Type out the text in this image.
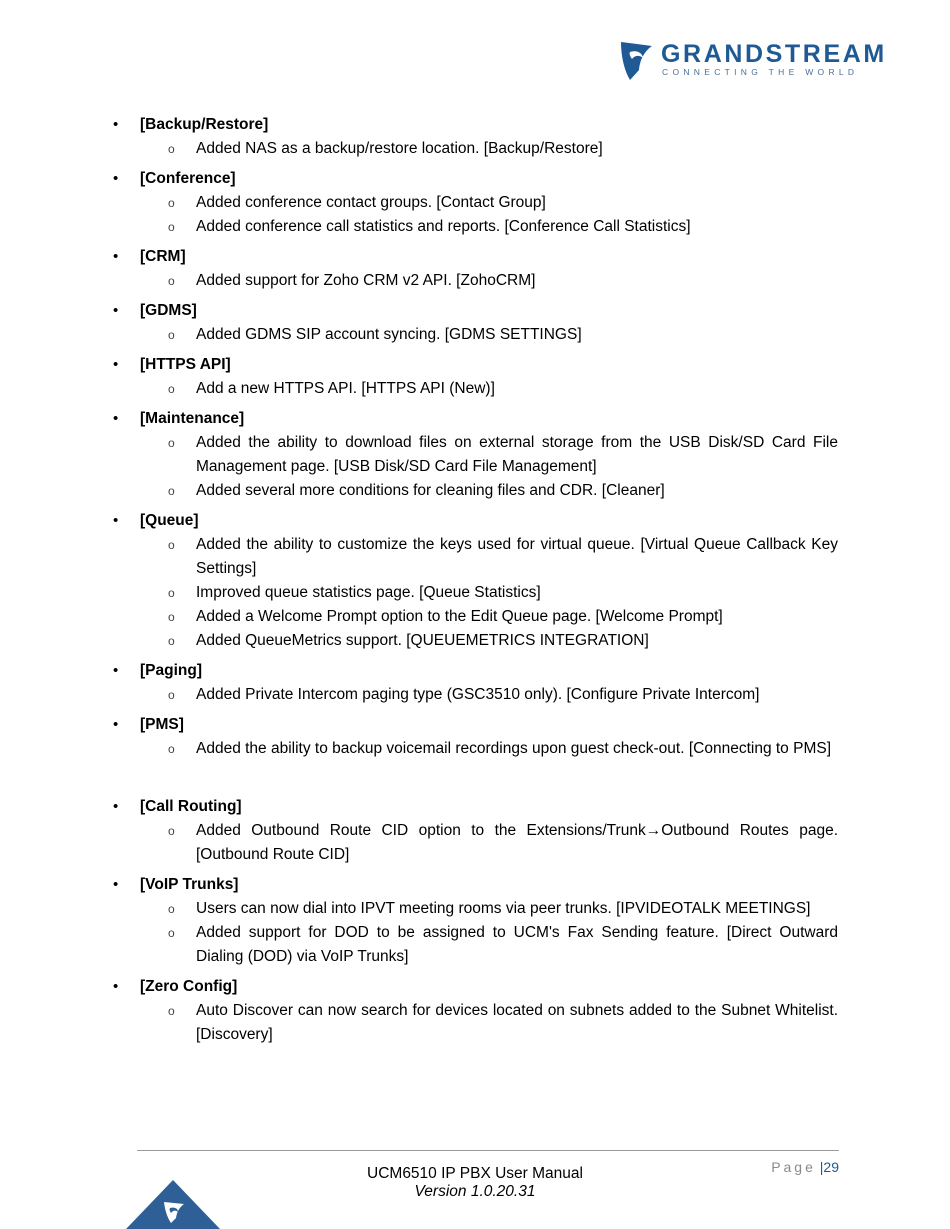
GRANDSTREAM
CONNECTING THE WORLD
• [Backup/Restore]
o Added NAS as a backup/restore location. [Backup/Restore]
• [Conference]
o Added conference contact groups. [Contact Group]
o Added conference call statistics and reports. [Conference Call Statistics]
• [CRM]
o Added support for Zoho CRM v2 API. [ZohoCRM]
• [GDMS]
o Added GDMS SIP account syncing. [GDMS SETTINGS]
• [HTTPS API]
o Add a new HTTPS API. [HTTPS API (New)]
• [Maintenance]
o Added the ability to download files on external storage from the USB Disk/SD Card File Management page. [USB Disk/SD Card File Management]
o Added several more conditions for cleaning files and CDR. [Cleaner]
• [Queue]
o Added the ability to customize the keys used for virtual queue. [Virtual Queue Callback Key Settings]
o Improved queue statistics page. [Queue Statistics]
o Added a Welcome Prompt option to the Edit Queue page. [Welcome Prompt]
o Added QueueMetrics support. [QUEUEMETRICS INTEGRATION]
• [Paging]
o Added Private Intercom paging type (GSC3510 only). [Configure Private Intercom]
• [PMS]
o Added the ability to backup voicemail recordings upon guest check-out. [Connecting to PMS]
• [Call Routing]
o Added Outbound Route CID option to the Extensions/Trunk→Outbound Routes page. [Outbound Route CID]
• [VoIP Trunks]
o Users can now dial into IPVT meeting rooms via peer trunks. [IPVIDEOTALK MEETINGS]
o Added support for DOD to be assigned to UCM's Fax Sending feature. [Direct Outward Dialing (DOD) via VoIP Trunks]
• [Zero Config]
o Auto Discover can now search for devices located on subnets added to the Subnet Whitelist. [Discovery]
UCM6510 IP PBX User Manual
Version 1.0.20.31
Page |29
